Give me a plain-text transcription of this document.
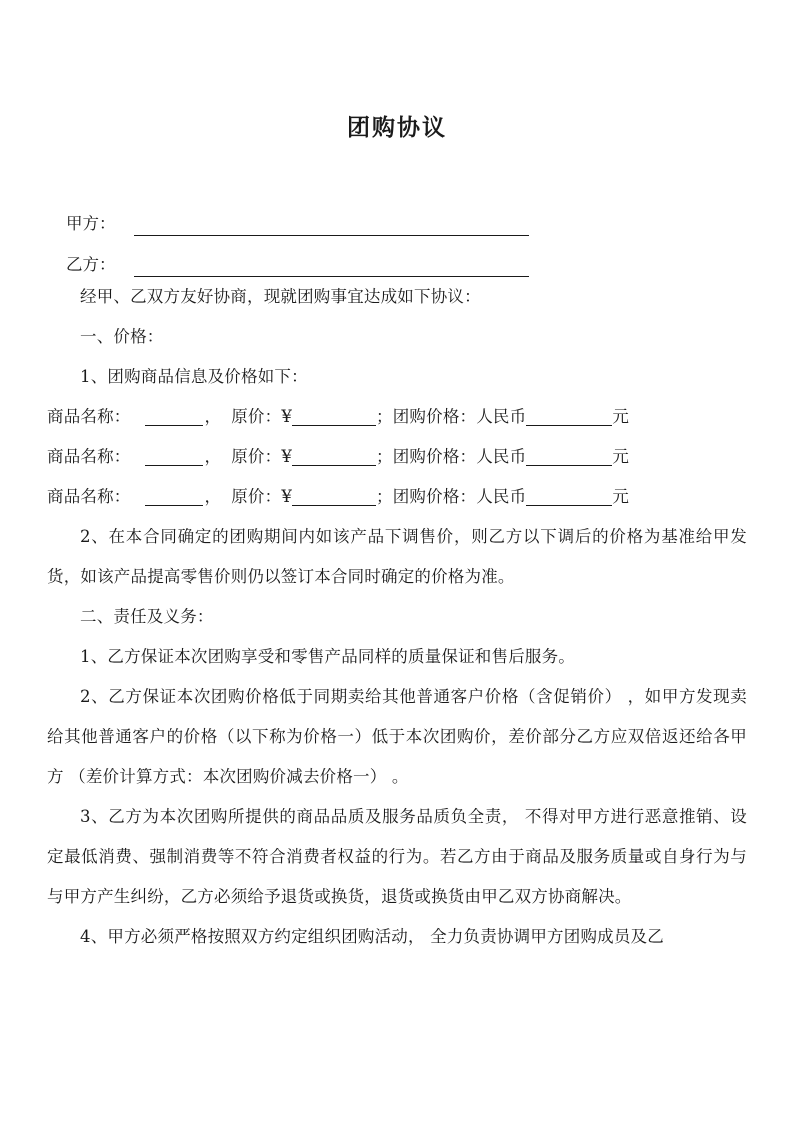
团购协议
甲方：
乙方：

经甲、乙双方友好协商，现就团购事宜达成如下协议：

一、价格：

1、团购商品信息及价格如下：

商品名称：	， 原价：¥	；团购价格：人民币	元
商品名称：	， 原价：¥	；团购价格：人民币	元
商品名称：	， 原价：¥	；团购价格：人民币	元

2、在本合同确定的团购期间内如该产品下调售价，则乙方以下调后的价格为基准给甲发货，如该产品提高零售价则仍以签订本合同时确定的价格为准。

二、责任及义务：

1、乙方保证本次团购享受和零售产品同样的质量保证和售后服务。

2、乙方保证本次团购价格低于同期卖给其他普通客户价格（含促销价） ，如甲方发现卖给其他普通客户的价格（以下称为价格一）低于本次团购价，差价部分乙方应双倍返还给各甲方 （差价计算方式：本次团购价减去价格一） 。

3、乙方为本次团购所提供的商品品质及服务品质负全责， 不得对甲方进行恶意推销、设定最低消费、强制消费等不符合消费者权益的行为。若乙方由于商品及服务质量或自身行为与与甲方产生纠纷，乙方必须给予退货或换货，退货或换货由甲乙双方协商解决。

4、甲方必须严格按照双方约定组织团购活动， 全力负责协调甲方团购成员及乙
